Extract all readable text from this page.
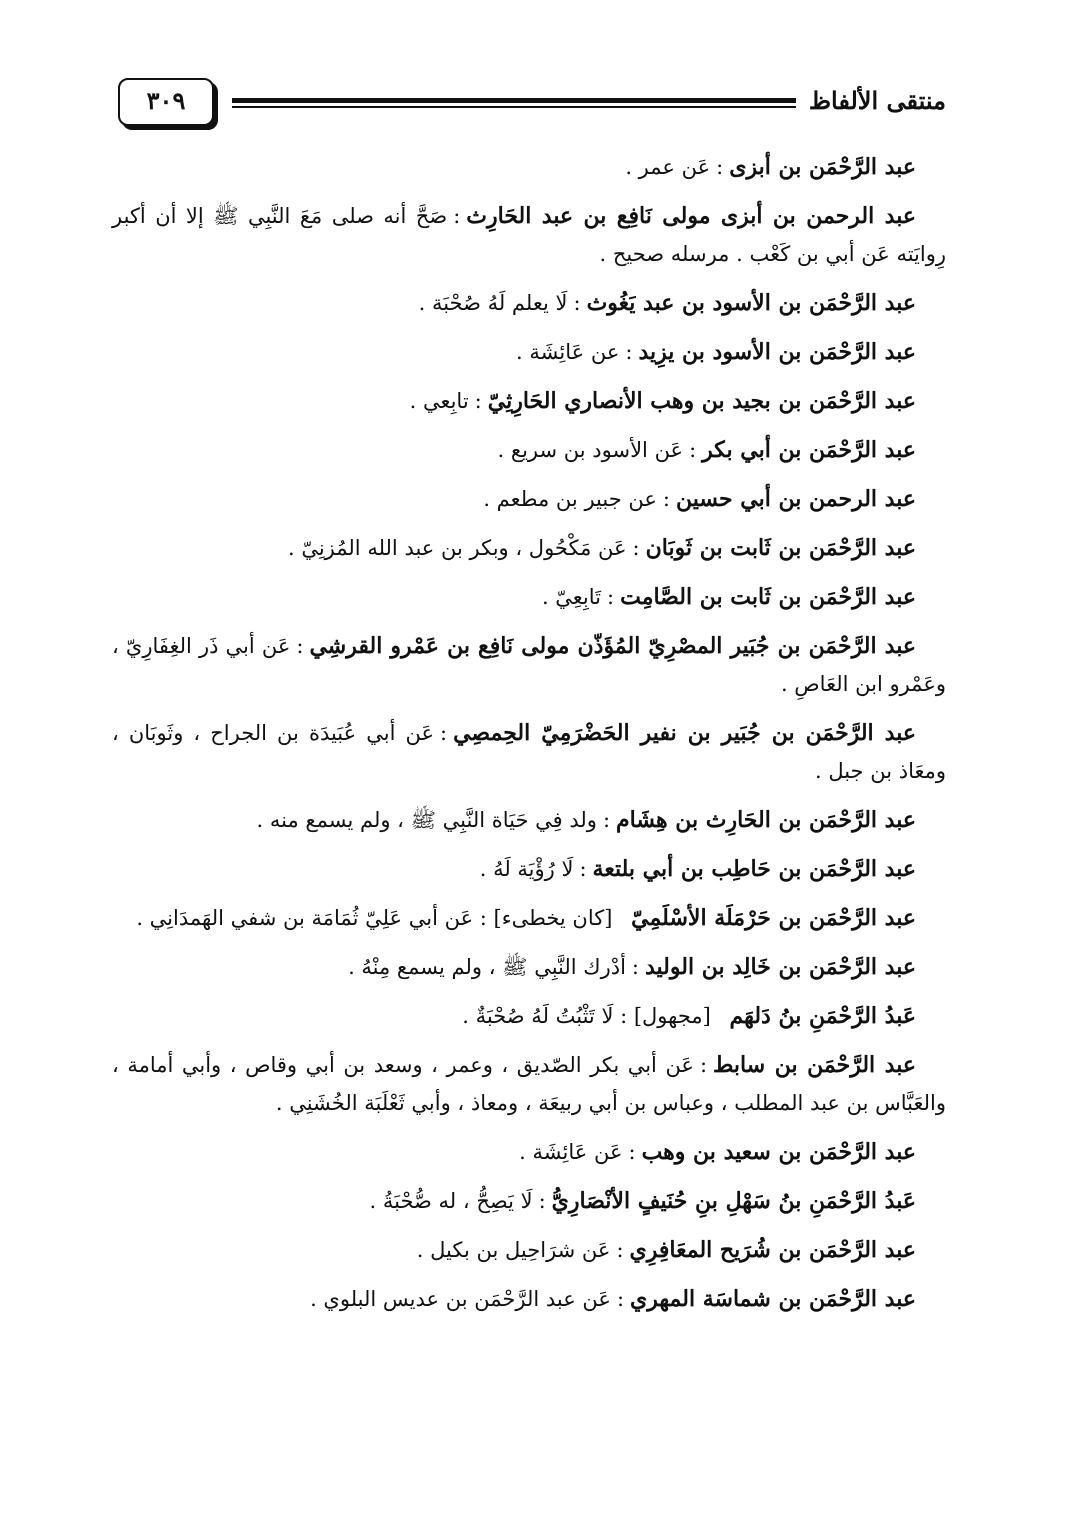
منتقى الألفاظ
٣٠٩

عبد الرَّحْمَن بن أبزى:عَن عمر .

عبد الرحمن بن أبزى مولى نَافِع بن عبد الحَارِث:صَحَّ أنه صلى مَعَ النَّبِي ﷺ إلا أن أكبر رِوايَته عَن أبي بن كَعْب . مرسله صحيح .

عبد الرَّحْمَن بن الأسود بن عبد يَغُوث:لَا يعلم لَهُ صُحْبَة .

عبد الرَّحْمَن بن الأسود بن يزِيد:عن عَائِشَة .

عبد الرَّحْمَن بن بجيد بن وهب الأنصاري الحَارِثِيّ:تابِعي .

عبد الرَّحْمَن بن أبي بكر:عَن الأسود بن سريع .

عبد الرحمن بن أبي حسين:عن جبير بن مطعم .

عبد الرَّحْمَن بن ثَابت بن ثَوبَان:عَن مَكْحُول ، وبكر بن عبد الله المُزنِيّ .

عبد الرَّحْمَن بن ثَابت بن الصَّامِت:تَابِعِيّ .

عبد الرَّحْمَن بن جُبَير المصْرِيّ المُؤَذّن مولى نَافِع بن عَمْرو القرشِي:عَن أبي ذَر الغِفَارِيّ ، وعَمْرو ابن العَاصِ .

عبد الرَّحْمَن بن جُبَير بن نفير الحَضْرَمِيّ الحِمصِي:عَن أبي عُبَيدَة بن الجراح ، وثَوبَان ، ومعَاذ بن جبل .

عبد الرَّحْمَن بن الحَارِث بن هِشَام:ولد فِي حَيَاة النَّبِي ﷺ ، ولم يسمع منه .

عبد الرَّحْمَن بن حَاطِب بن أبي بلتعة:لَا رُؤْيَة لَهُ .

عبد الرَّحْمَن بن حَرْمَلَة الأسْلَمِيّ [كان يخطىء] : عَن أبي عَلِيّ ثُمَامَة بن شفي الهَمدَانِي .

عبد الرَّحْمَن بن خَالِد بن الوليد:أدْرك النَّبِي ﷺ ، ولم يسمع مِنْهُ .

عَبدُ الرَّحْمَنِ بنُ دَلهَم [مجهول] : لَا تَثْبُتُ لَهُ صُحْبَةٌ .

عبد الرَّحْمَن بن سابط:عَن أبي بكر الصّديق ، وعمر ، وسعد بن أبي وقاص ، وأبي أمامة ، والعَبَّاس بن عبد المطلب ، وعباس بن أبي ربيعَة ، ومعاذ ، وأبي ثَعْلَبَة الخُشَنِي .

عبد الرَّحْمَن بن سعيد بن وهب:عَن عَائِشَة .

عَبدُ الرَّحْمَنِ بنُ سَهْلِ بنِ حُنَيفٍ الأنْصَارِيُّ:لَا يَصِحُّ ، له صُّحْبَةُ .

عبد الرَّحْمَن بن شُرَيح المعَافِرِي:عَن شرَاحِيل بن بكيل .

عبد الرَّحْمَن بن شماسَة المهري:عَن عبد الرَّحْمَن بن عديس البلوي .
